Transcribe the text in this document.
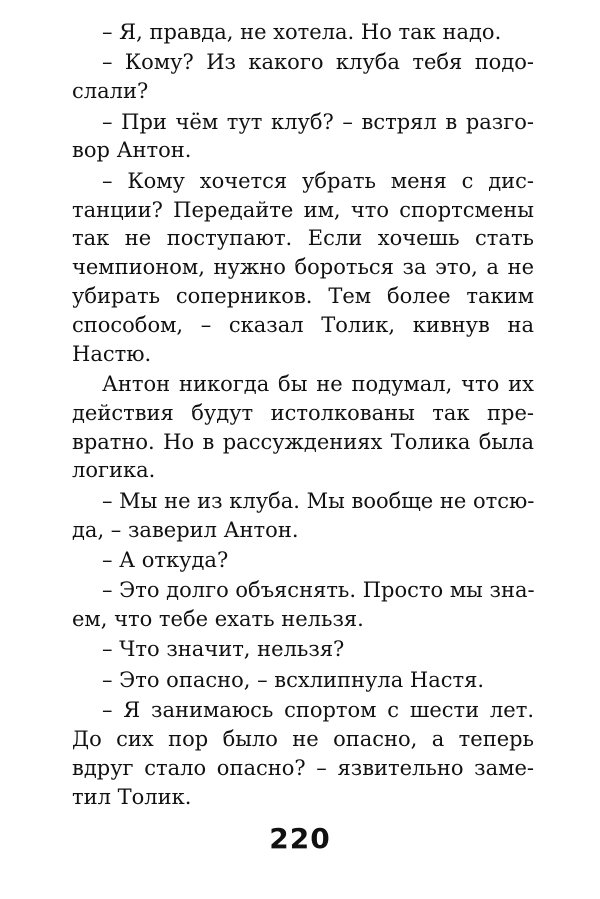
– Я, правда, не хотела. Но так надо.
– Кому? Из какого клуба тебя подо-
слали?
– При чём тут клуб? – встрял в разго-
вор Антон.
– Кому хочется убрать меня с дис-
танции? Передайте им, что спортсмены
так не поступают. Если хочешь стать
чемпионом, нужно бороться за это, а не
убирать соперников. Тем более таким
способом, – сказал Толик, кивнув на
Настю.
Антон никогда бы не подумал, что их
действия будут истолкованы так пре-
вратно. Но в рассуждениях Толика была
логика.
– Мы не из клуба. Мы вообще не отсю-
да, – заверил Антон.
– А откуда?
– Это долго объяснять. Просто мы зна-
ем, что тебе ехать нельзя.
– Что значит, нельзя?
– Это опасно, – всхлипнула Настя.
– Я занимаюсь спортом с шести лет.
До сих пор было не опасно, а теперь
вдруг стало опасно? – язвительно заме-
тил Толик.
220
